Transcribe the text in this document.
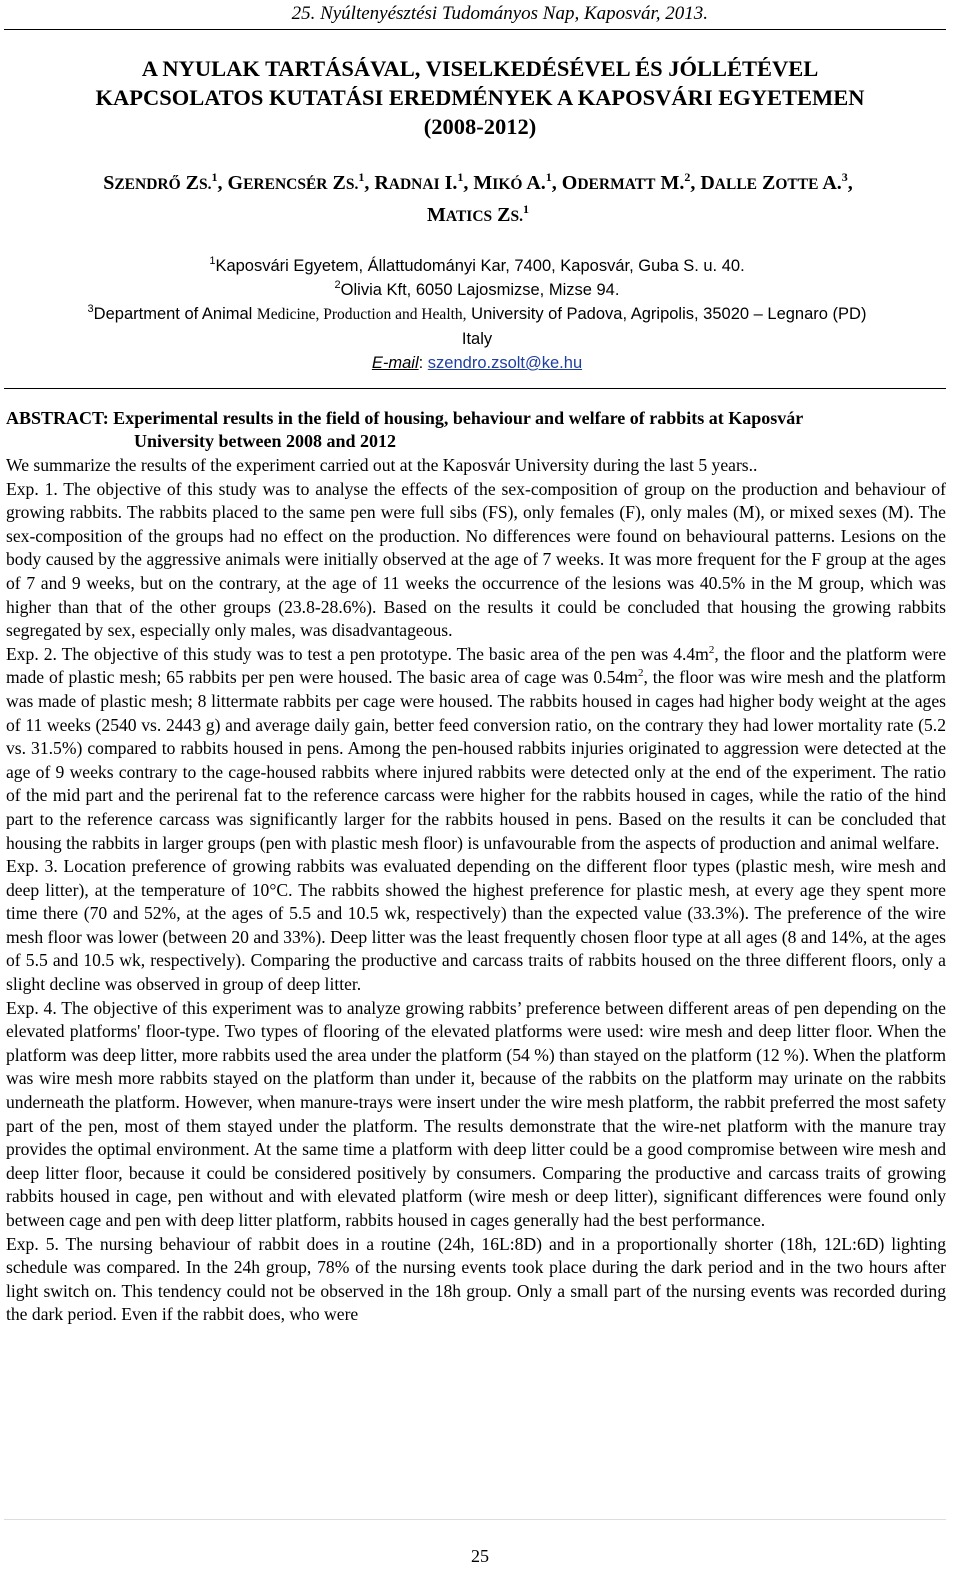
25. Nyúltenyésztési Tudományos Nap, Kaposvár, 2013.
A NYULAK TARTÁSÁVAL, VISELKEDÉSÉVEL ÉS JÓLLÉTÉVEL
KAPCSOLATOS KUTATÁSI EREDMÉNYEK A KAPOSVÁRI EGYETEMEN
(2008-2012)
SZENDRŐ ZS.$^1$, GERENCSÉR ZS.$^1$, RADNAI I.$^1$, MIKÓ A.$^1$, ODERMATT M.$^2$, DALLE ZOTTE A.$^3$,
MATICS ZS.$^1$
$^1$Kaposvári Egyetem, Állattudományi Kar, 7400, Kaposvár, Guba S. u. 40.
$^2$Olivia Kft, 6050 Lajosmizse, Mizse 94.
$^3$Department of Animal Medicine, Production and Health, University of Padova, Agripolis, 35020 – Legnaro (PD)
Italy
E-mail: szendro.zsolt@ke.hu
ABSTRACT: Experimental results in the field of housing, behaviour and welfare of rabbits at Kaposvár
University between 2008 and 2012

We summarize the results of the experiment carried out at the Kaposvár University during the last 5 years..

Exp. 1. The objective of this study was to analyse the effects of the sex-composition of group on the production and behaviour of growing rabbits. The rabbits placed to the same pen were full sibs (FS), only females (F), only males (M), or mixed sexes (M). The sex-composition of the groups had no effect on the production. No differences were found on behavioural patterns. Lesions on the body caused by the aggressive animals were initially observed at the age of 7 weeks. It was more frequent for the F group at the ages of 7 and 9 weeks, but on the contrary, at the age of 11 weeks the occurrence of the lesions was 40.5% in the M group, which was higher than that of the other groups (23.8-28.6%). Based on the results it could be concluded that housing the growing rabbits segregated by sex, especially only males, was disadvantageous.

Exp. 2. The objective of this study was to test a pen prototype. The basic area of the pen was $4.4m^2$, the floor and the platform were made of plastic mesh; 65 rabbits per pen were housed. The basic area of cage was $0.54m^2$, the floor was wire mesh and the platform was made of plastic mesh; 8 littermate rabbits per cage were housed. The rabbits housed in cages had higher body weight at the ages of 11 weeks (2540 vs. 2443 g) and average daily gain, better feed conversion ratio, on the contrary they had lower mortality rate (5.2 vs. 31.5%) compared to rabbits housed in pens. Among the pen-housed rabbits injuries originated to aggression were detected at the age of 9 weeks contrary to the cage-housed rabbits where injured rabbits were detected only at the end of the experiment. The ratio of the mid part and the perirenal fat to the reference carcass were higher for the rabbits housed in cages, while the ratio of the hind part to the reference carcass was significantly larger for the rabbits housed in pens. Based on the results it can be concluded that housing the rabbits in larger groups (pen with plastic mesh floor) is unfavourable from the aspects of production and animal welfare.

Exp. 3. Location preference of growing rabbits was evaluated depending on the different floor types (plastic mesh, wire mesh and deep litter), at the temperature of 10°C. The rabbits showed the highest preference for plastic mesh, at every age they spent more time there (70 and 52%, at the ages of 5.5 and 10.5 wk, respectively) than the expected value (33.3%). The preference of the wire mesh floor was lower (between 20 and 33%). Deep litter was the least frequently chosen floor type at all ages (8 and 14%, at the ages of 5.5 and 10.5 wk, respectively). Comparing the productive and carcass traits of rabbits housed on the three different floors, only a slight decline was observed in group of deep litter.

Exp. 4. The objective of this experiment was to analyze growing rabbits’ preference between different areas of pen depending on the elevated platforms' floor-type. Two types of flooring of the elevated platforms were used: wire mesh and deep litter floor. When the platform was deep litter, more rabbits used the area under the platform (54 %) than stayed on the platform (12 %). When the platform was wire mesh more rabbits stayed on the platform than under it, because of the rabbits on the platform may urinate on the rabbits underneath the platform. However, when manure-trays were insert under the wire mesh platform, the rabbit preferred the most safety part of the pen, most of them stayed under the platform. The results demonstrate that the wire-net platform with the manure tray provides the optimal environment. At the same time a platform with deep litter could be a good compromise between wire mesh and deep litter floor, because it could be considered positively by consumers. Comparing the productive and carcass traits of growing rabbits housed in cage, pen without and with elevated platform (wire mesh or deep litter), significant differences were found only between cage and pen with deep litter platform, rabbits housed in cages generally had the best performance.

Exp. 5. The nursing behaviour of rabbit does in a routine (24h, 16L:8D) and in a proportionally shorter (18h, 12L:6D) lighting schedule was compared. In the 24h group, 78% of the nursing events took place during the dark period and in the two hours after light switch on. This tendency could not be observed in the 18h group. Only a small part of the nursing events was recorded during the dark period. Even if the rabbit does, who were

25
